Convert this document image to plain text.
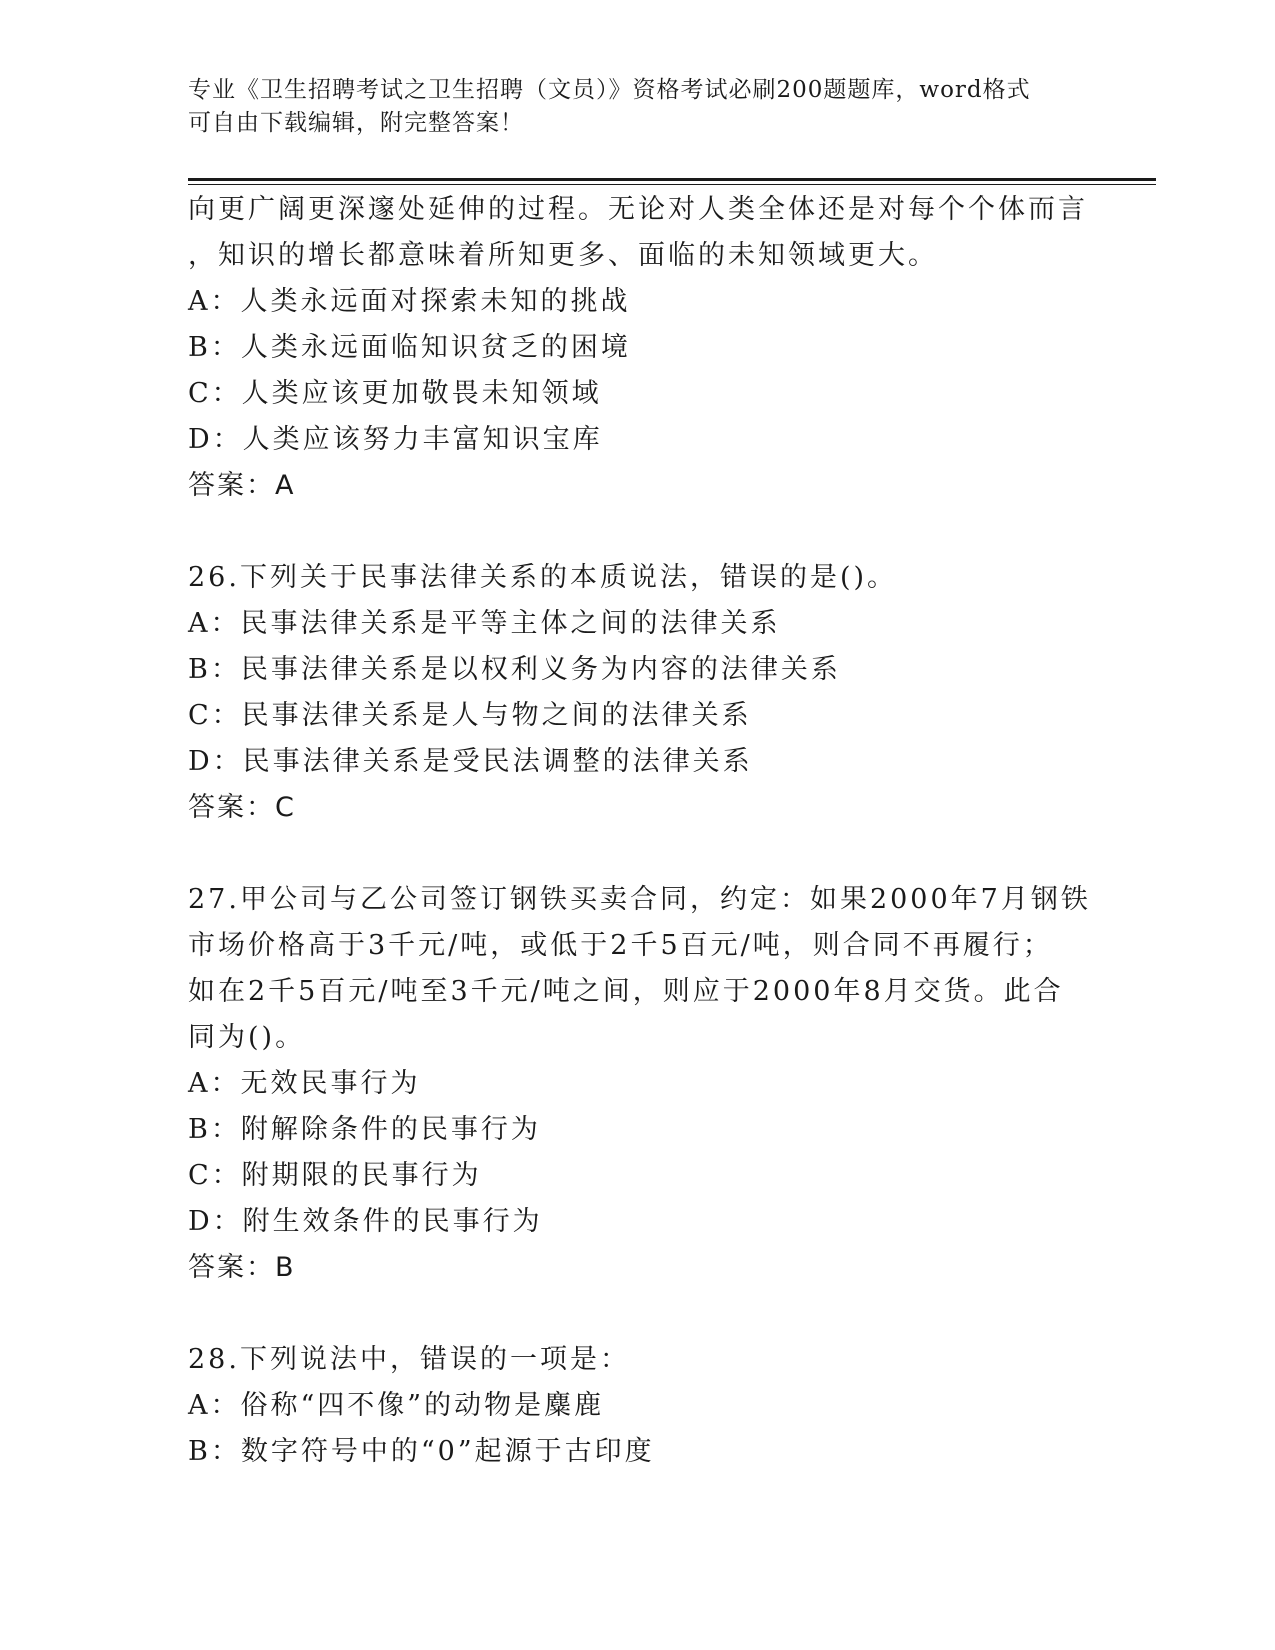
专业《卫生招聘考试之卫生招聘（文员）》资格考试必刷200题题库，word格式
可自由下载编辑，附完整答案！
向更广阔更深邃处延伸的过程。无论对人类全体还是对每个个体而言
，知识的增长都意味着所知更多、面临的未知领域更大。
A：人类永远面对探索未知的挑战
B：人类永远面临知识贫乏的困境
C：人类应该更加敬畏未知领域
D：人类应该努力丰富知识宝库
答案：A
26.下列关于民事法律关系的本质说法，错误的是()。
A：民事法律关系是平等主体之间的法律关系
B：民事法律关系是以权利义务为内容的法律关系
C：民事法律关系是人与物之间的法律关系
D：民事法律关系是受民法调整的法律关系
答案：C
27.甲公司与乙公司签订钢铁买卖合同，约定：如果2000年7月钢铁
市场价格高于3千元/吨，或低于2千5百元/吨，则合同不再履行；
如在2千5百元/吨至3千元/吨之间，则应于2000年8月交货。此合
同为()。
A：无效民事行为
B：附解除条件的民事行为
C：附期限的民事行为
D：附生效条件的民事行为
答案：B
28.下列说法中，错误的一项是：
A：俗称“四不像”的动物是麋鹿
B：数字符号中的“0”起源于古印度
